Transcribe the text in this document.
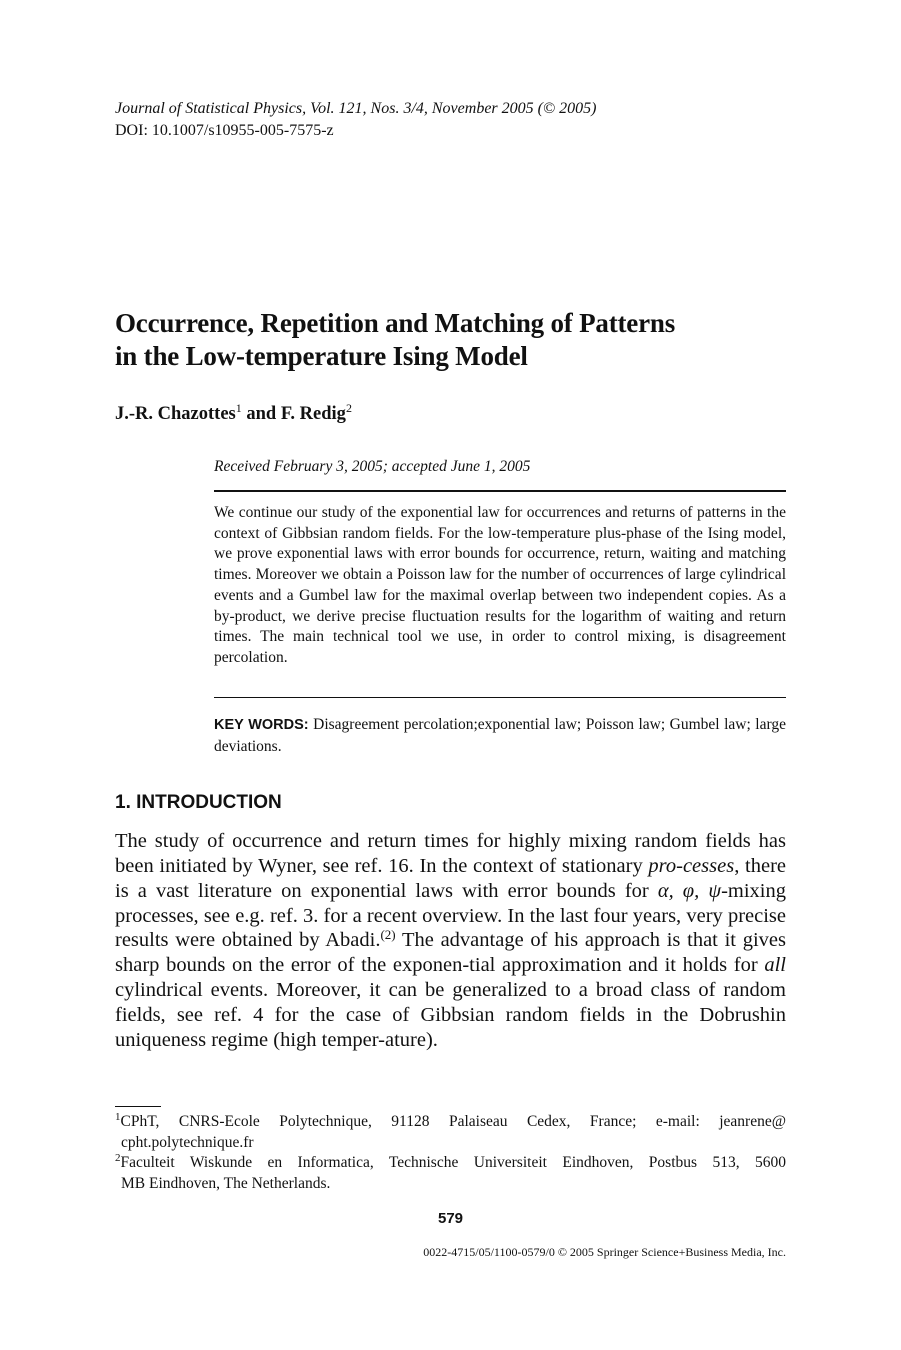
Journal of Statistical Physics, Vol. 121, Nos. 3/4, November 2005 (© 2005)
DOI: 10.1007/s10955-005-7575-z
Occurrence, Repetition and Matching of Patterns
in the Low-temperature Ising Model
J.-R. Chazottes$^1$ and F. Redig$^2$
Received February 3, 2005; accepted June 1, 2005
We continue our study of the exponential law for occurrences and returns of patterns in the context of Gibbsian random fields. For the low-temperature plus-phase of the Ising model, we prove exponential laws with error bounds for occurrence, return, waiting and matching times. Moreover we obtain a Poisson law for the number of occurrences of large cylindrical events and a Gumbel law for the maximal overlap between two independent copies. As a by-product, we derive precise fluctuation results for the logarithm of waiting and return times. The main technical tool we use, in order to control mixing, is disagreement percolation.
KEY WORDS: Disagreement percolation;exponential law; Poisson law; Gumbel law; large deviations.
1. INTRODUCTION
The study of occurrence and return times for highly mixing random fields has been initiated by Wyner, see ref. 16. In the context of stationary pro-cesses, there is a vast literature on exponential laws with error bounds for α, φ, ψ-mixing processes, see e.g. ref. 3. for a recent overview. In the last four years, very precise results were obtained by Abadi.$^{(2)}$ The advantage of his approach is that it gives sharp bounds on the error of the exponen-tial approximation and it holds for all cylindrical events. Moreover, it can be generalized to a broad class of random fields, see ref. 4 for the case of Gibbsian random fields in the Dobrushin uniqueness regime (high temper-ature).
$^1$CPhT, CNRS-Ecole Polytechnique, 91128 Palaiseau Cedex, France; e-mail: jeanrene@
cpht.polytechnique.fr
$^2$Faculteit Wiskunde en Informatica, Technische Universiteit Eindhoven, Postbus 513, 5600
MB Eindhoven, The Netherlands.
579
0022-4715/05/1100-0579/0 © 2005 Springer Science+Business Media, Inc.
